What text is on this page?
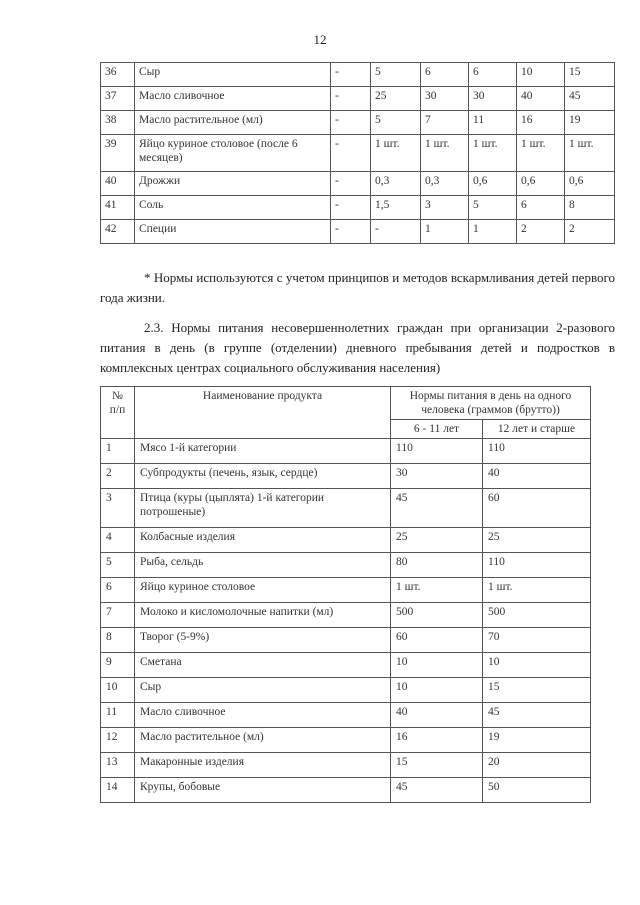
12
36	Сыр	-	5	6	6	10	15
37	Масло сливочное	-	25	30	30	40	45
38	Масло растительное (мл)	-	5	7	11	16	19
39	Яйцо куриное столовое (после 6 месяцев)	-	1 шт.	1 шт.	1 шт.	1 шт.	1 шт.
40	Дрожжи	-	0,3	0,3	0,6	0,6	0,6
41	Соль	-	1,5	3	5	6	8
42	Специи	-	-	1	1	2	2
* Нормы используются с учетом принципов и методов вскармливания детей первого года жизни.
2.3. Нормы питания несовершеннолетних граждан при организации 2-разового питания в день (в группе (отделении) дневного пребывания детей и подростков в комплексных центрах социального обслуживания населения)
№ п/п	Наименование продукта	Нормы питания в день на одного человека (граммов (брутто))	
		6 - 11 лет	12 лет и старше
1	Мясо 1-й категории	110	110
2	Субпродукты (печень, язык, сердце)	30	40
3	Птица (куры (цыплята) 1-й категории потрошеные)	45	60
4	Колбасные изделия	25	25
5	Рыба, сельдь	80	110
6	Яйцо куриное столовое	1 шт.	1 шт.
7	Молоко и кисломолочные напитки (мл)	500	500
8	Творог (5-9%)	60	70
9	Сметана	10	10
10	Сыр	10	15
11	Масло сливочное	40	45
12	Масло растительное (мл)	16	19
13	Макаронные изделия	15	20
14	Крупы, бобовые	45	50
